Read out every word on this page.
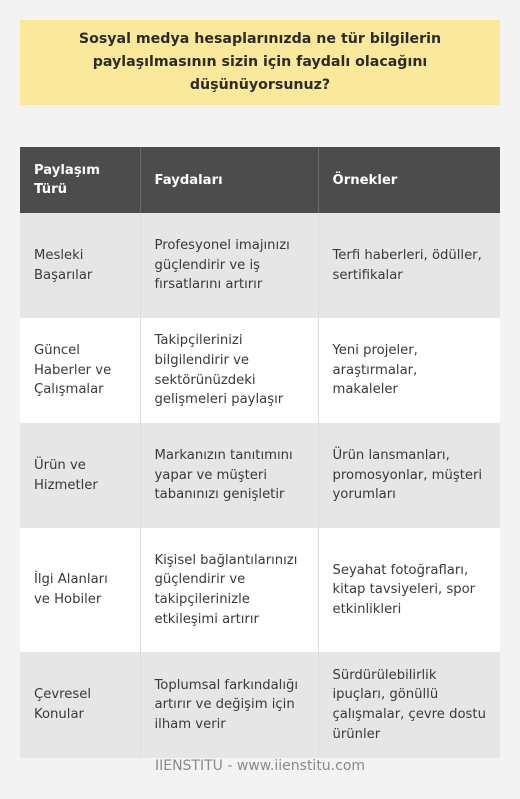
Sosyal medya hesaplarınızda ne tür bilgilerin paylaşılmasının sizin için faydalı olacağını düşünüyorsunuz?
Paylaşım Türü	Faydaları	Örnekler
Mesleki Başarılar	Profesyonel imajınızı güçlendirir ve iş fırsatlarını artırır	Terfi haberleri, ödüller, sertifikalar
Güncel Haberler ve Çalışmalar	Takipçilerinizi bilgilendirir ve sektörünüzdeki gelişmeleri paylaşır	Yeni projeler, araştırmalar, makaleler
Ürün ve Hizmetler	Markanızın tanıtımını yapar ve müşteri tabanınızı genişletir	Ürün lansmanları, promosyonlar, müşteri yorumları
İlgi Alanları ve Hobiler	Kişisel bağlantılarınızı güçlendirir ve takipçilerinizle etkileşimi artırır	Seyahat fotoğrafları, kitap tavsiyeleri, spor etkinlikleri
Çevresel Konular	Toplumsal farkındalığı artırır ve değişim için ilham verir	Sürdürülebilirlik ipuçları, gönüllü çalışmalar, çevre dostu ürünler
IIENSTITU - www.iienstitu.com
